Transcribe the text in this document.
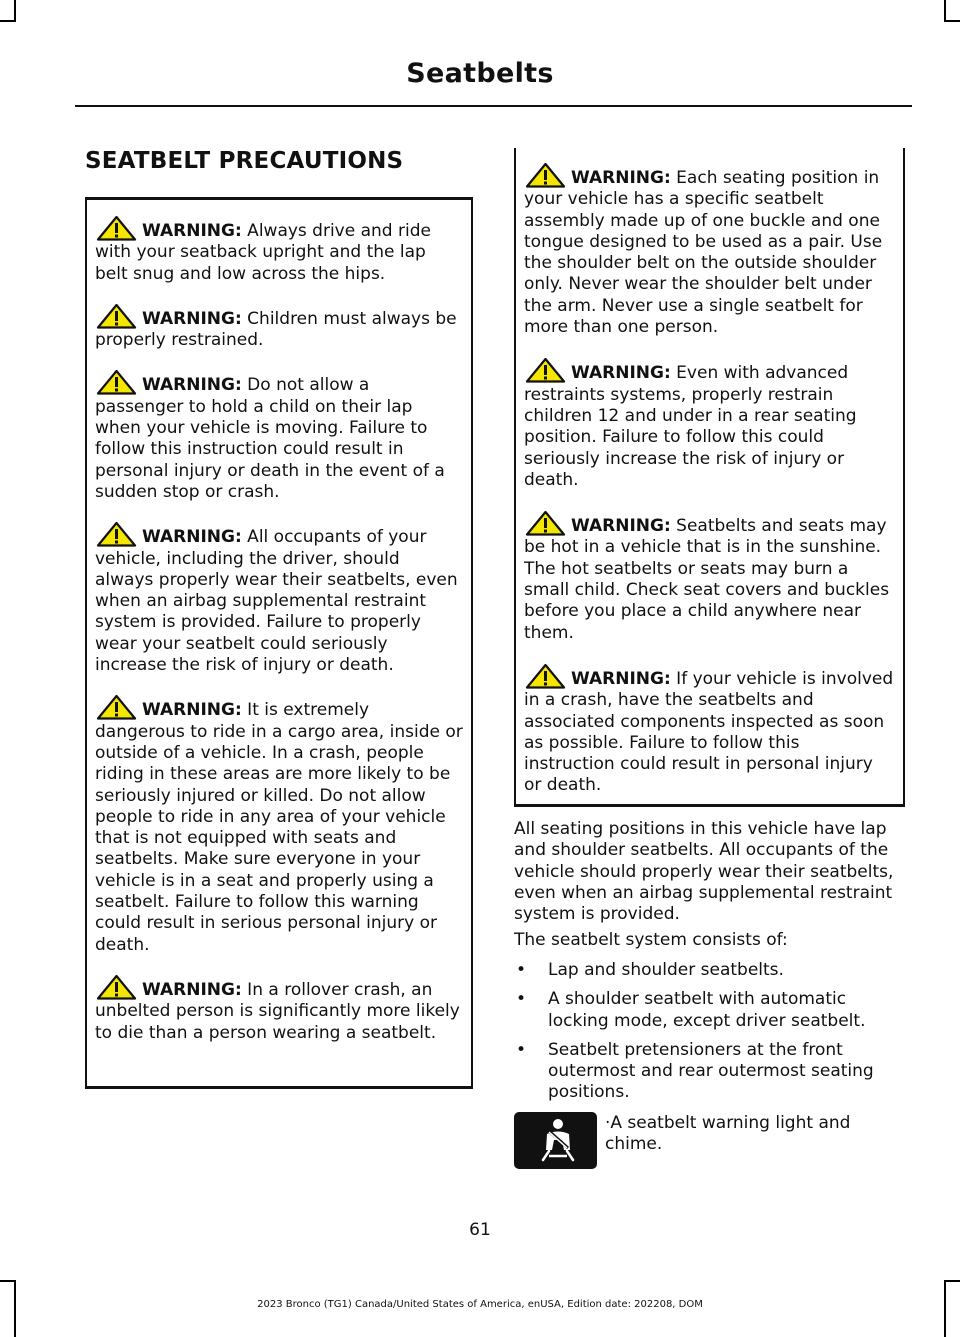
Seatbelts
SEATBELT PRECAUTIONS
WARNING: Always drive and ride with your seatback upright and the lap belt snug and low across the hips.
WARNING: Children must always be properly restrained.
WARNING: Do not allow a passenger to hold a child on their lap when your vehicle is moving. Failure to follow this instruction could result in personal injury or death in the event of a sudden stop or crash.
WARNING: All occupants of your vehicle, including the driver, should always properly wear their seatbelts, even when an airbag supplemental restraint system is provided. Failure to properly wear your seatbelt could seriously increase the risk of injury or death.
WARNING: It is extremely dangerous to ride in a cargo area, inside or outside of a vehicle. In a crash, people riding in these areas are more likely to be seriously injured or killed. Do not allow people to ride in any area of your vehicle that is not equipped with seats and seatbelts. Make sure everyone in your vehicle is in a seat and properly using a seatbelt. Failure to follow this warning could result in serious personal injury or death.
WARNING: In a rollover crash, an unbelted person is significantly more likely to die than a person wearing a seatbelt.
WARNING: Each seating position in your vehicle has a specific seatbelt assembly made up of one buckle and one tongue designed to be used as a pair. Use the shoulder belt on the outside shoulder only. Never wear the shoulder belt under the arm. Never use a single seatbelt for more than one person.
WARNING: Even with advanced restraints systems, properly restrain children 12 and under in a rear seating position. Failure to follow this could seriously increase the risk of injury or death.
WARNING: Seatbelts and seats may be hot in a vehicle that is in the sunshine. The hot seatbelts or seats may burn a small child. Check seat covers and buckles before you place a child anywhere near them.
WARNING: If your vehicle is involved in a crash, have the seatbelts and associated components inspected as soon as possible. Failure to follow this instruction could result in personal injury or death.
All seating positions in this vehicle have lap and shoulder seatbelts. All occupants of the vehicle should properly wear their seatbelts, even when an airbag supplemental restraint system is provided.
The seatbelt system consists of:
• Lap and shoulder seatbelts.
• A shoulder seatbelt with automatic locking mode, except driver seatbelt.
• Seatbelt pretensioners at the front outermost and rear outermost seating positions.
·A seatbelt warning light and chime.
61
2023 Bronco (TG1) Canada/United States of America, enUSA, Edition date: 202208, DOM
